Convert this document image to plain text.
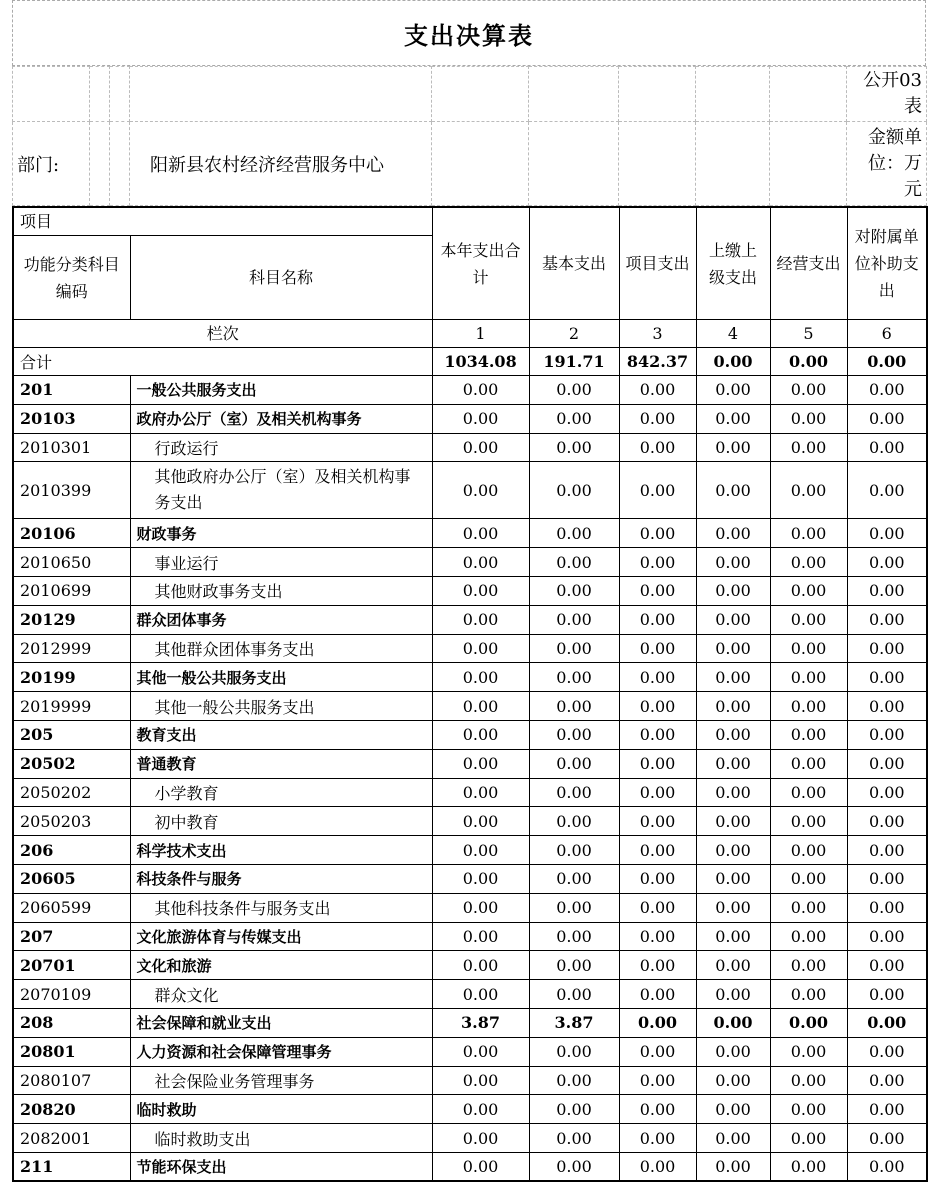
支出决算表
									公开03表
部门:			阳新县农村经济经营服务中心						金额单位：万元
项目		本年支出合计	基本支出	项目支出	上缴上级支出	经营支出	对附属单位补助支出
功能分类科目编码	科目名称						
栏次		1	2	3	4	5	6
合计		1034.08	191.71	842.37	0.00	0.00	0.00
201	一般公共服务支出	0.00	0.00	0.00	0.00	0.00	0.00
20103	政府办公厅（室）及相关机构事务	0.00	0.00	0.00	0.00	0.00	0.00
2010301	行政运行	0.00	0.00	0.00	0.00	0.00	0.00
2010399	其他政府办公厅（室）及相关机构事务支出	0.00	0.00	0.00	0.00	0.00	0.00
20106	财政事务	0.00	0.00	0.00	0.00	0.00	0.00
2010650	事业运行	0.00	0.00	0.00	0.00	0.00	0.00
2010699	其他财政事务支出	0.00	0.00	0.00	0.00	0.00	0.00
20129	群众团体事务	0.00	0.00	0.00	0.00	0.00	0.00
2012999	其他群众团体事务支出	0.00	0.00	0.00	0.00	0.00	0.00
20199	其他一般公共服务支出	0.00	0.00	0.00	0.00	0.00	0.00
2019999	其他一般公共服务支出	0.00	0.00	0.00	0.00	0.00	0.00
205	教育支出	0.00	0.00	0.00	0.00	0.00	0.00
20502	普通教育	0.00	0.00	0.00	0.00	0.00	0.00
2050202	小学教育	0.00	0.00	0.00	0.00	0.00	0.00
2050203	初中教育	0.00	0.00	0.00	0.00	0.00	0.00
206	科学技术支出	0.00	0.00	0.00	0.00	0.00	0.00
20605	科技条件与服务	0.00	0.00	0.00	0.00	0.00	0.00
2060599	其他科技条件与服务支出	0.00	0.00	0.00	0.00	0.00	0.00
207	文化旅游体育与传媒支出	0.00	0.00	0.00	0.00	0.00	0.00
20701	文化和旅游	0.00	0.00	0.00	0.00	0.00	0.00
2070109	群众文化	0.00	0.00	0.00	0.00	0.00	0.00
208	社会保障和就业支出	3.87	3.87	0.00	0.00	0.00	0.00
20801	人力资源和社会保障管理事务	0.00	0.00	0.00	0.00	0.00	0.00
2080107	社会保险业务管理事务	0.00	0.00	0.00	0.00	0.00	0.00
20820	临时救助	0.00	0.00	0.00	0.00	0.00	0.00
2082001	临时救助支出	0.00	0.00	0.00	0.00	0.00	0.00
211	节能环保支出	0.00	0.00	0.00	0.00	0.00	0.00
